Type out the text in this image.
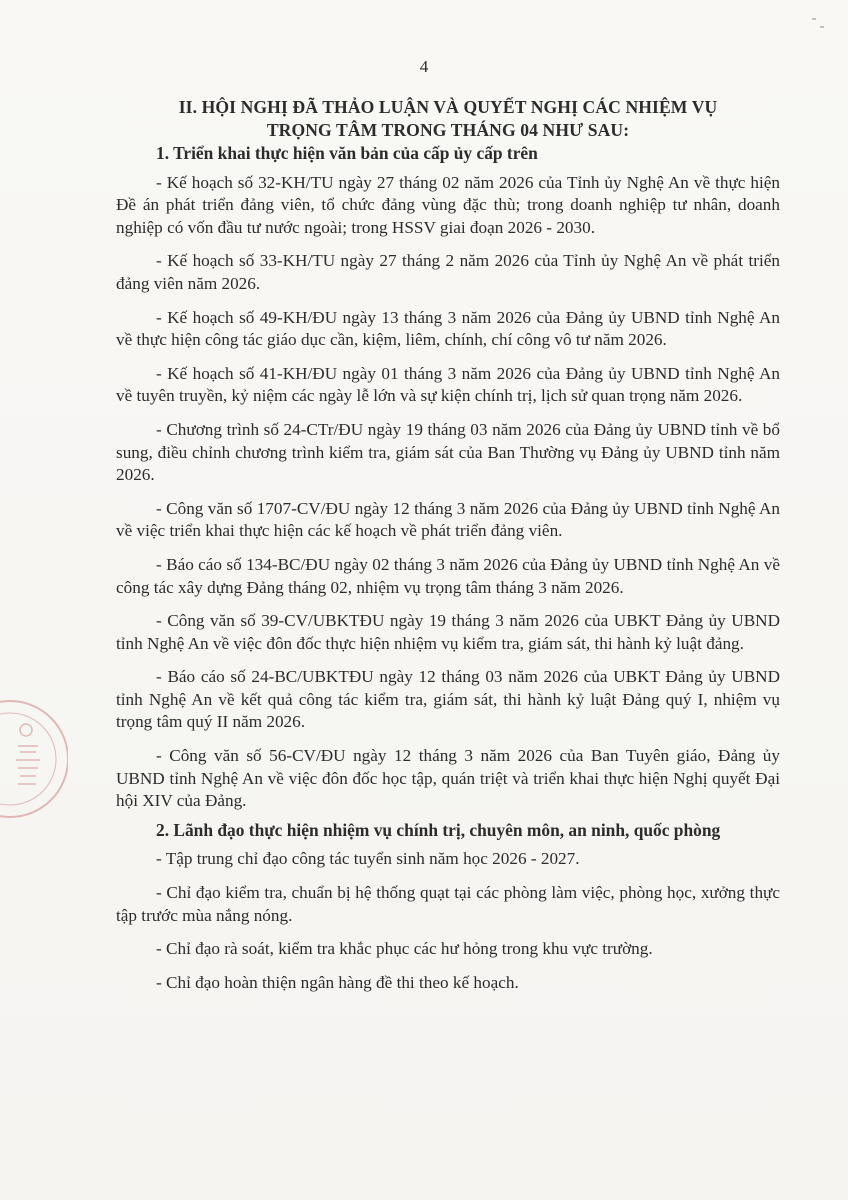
4
II. HỘI NGHỊ ĐÃ THẢO LUẬN VÀ QUYẾT NGHỊ CÁC NHIỆM VỤ
TRỌNG TÂM TRONG THÁNG 04 NHƯ SAU:
1. Triển khai thực hiện văn bản của cấp ủy cấp trên

- Kế hoạch số 32-KH/TU ngày 27 tháng 02 năm 2026 của Tỉnh ủy Nghệ An về thực hiện Đề án phát triển đảng viên, tổ chức đảng vùng đặc thù; trong doanh nghiệp tư nhân, doanh nghiệp có vốn đầu tư nước ngoài; trong HSSV giai đoạn 2026 - 2030.

- Kế hoạch số 33-KH/TU ngày 27 tháng 2 năm 2026 của Tỉnh ủy Nghệ An về phát triển đảng viên năm 2026.

- Kế hoạch số 49-KH/ĐU ngày 13 tháng 3 năm 2026 của Đảng ủy UBND tỉnh Nghệ An về thực hiện công tác giáo dục cần, kiệm, liêm, chính, chí công vô tư năm 2026.

- Kế hoạch số 41-KH/ĐU ngày 01 tháng 3 năm 2026 của Đảng ủy UBND tỉnh Nghệ An về tuyên truyền, kỷ niệm các ngày lễ lớn và sự kiện chính trị, lịch sử quan trọng năm 2026.

- Chương trình số 24-CTr/ĐU ngày 19 tháng 03 năm 2026 của Đảng ủy UBND tỉnh về bổ sung, điều chỉnh chương trình kiểm tra, giám sát của Ban Thường vụ Đảng ủy UBND tỉnh năm 2026.

- Công văn số 1707-CV/ĐU ngày 12 tháng 3 năm 2026 của Đảng ủy UBND tỉnh Nghệ An về việc triển khai thực hiện các kế hoạch về phát triển đảng viên.

- Báo cáo số 134-BC/ĐU ngày 02 tháng 3 năm 2026 của Đảng ủy UBND tỉnh Nghệ An về công tác xây dựng Đảng tháng 02, nhiệm vụ trọng tâm tháng 3 năm 2026.

- Công văn số 39-CV/UBKTĐU ngày 19 tháng 3 năm 2026 của UBKT Đảng ủy UBND tỉnh Nghệ An về việc đôn đốc thực hiện nhiệm vụ kiểm tra, giám sát, thi hành kỷ luật đảng.

- Báo cáo số 24-BC/UBKTĐU ngày 12 tháng 03 năm 2026 của UBKT Đảng ủy UBND tỉnh Nghệ An về kết quả công tác kiểm tra, giám sát, thi hành kỷ luật Đảng quý I, nhiệm vụ trọng tâm quý II năm 2026.

- Công văn số 56-CV/ĐU ngày 12 tháng 3 năm 2026 của Ban Tuyên giáo, Đảng ủy UBND tỉnh Nghệ An về việc đôn đốc học tập, quán triệt và triển khai thực hiện Nghị quyết Đại hội XIV của Đảng.

2. Lãnh đạo thực hiện nhiệm vụ chính trị, chuyên môn, an ninh, quốc phòng

- Tập trung chỉ đạo công tác tuyển sinh năm học 2026 - 2027.

- Chỉ đạo kiểm tra, chuẩn bị hệ thống quạt tại các phòng làm việc, phòng học, xưởng thực tập trước mùa nắng nóng.

- Chỉ đạo rà soát, kiểm tra khắc phục các hư hỏng trong khu vực trường.

- Chỉ đạo hoàn thiện ngân hàng đề thi theo kế hoạch.
